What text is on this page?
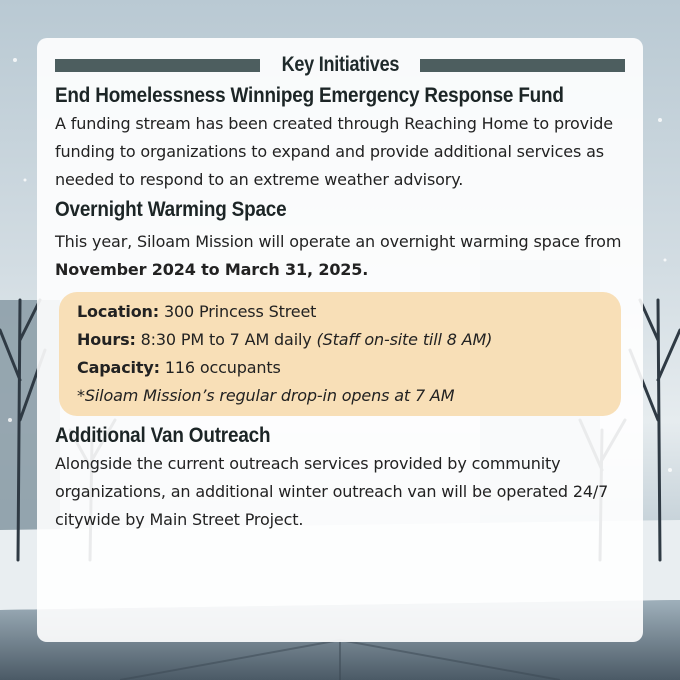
Key Initiatives
End Homelessness Winnipeg Emergency Response Fund

A funding stream has been created through Reaching Home to provide funding to organizations to expand and provide additional services as needed to respond to an extreme weather advisory.

Overnight Warming Space

This year, Siloam Mission will operate an overnight warming space from November 2024 to March 31, 2025.

Location: 300 Princess Street
Hours: 8:30 PM to 7 AM daily (Staff on-site till 8 AM)
Capacity: 116 occupants
*Siloam Mission’s regular drop-in opens at 7 AM
Additional Van Outreach

Alongside the current outreach services provided by community organizations, an additional winter outreach van will be operated 24/7 citywide by Main Street Project.
